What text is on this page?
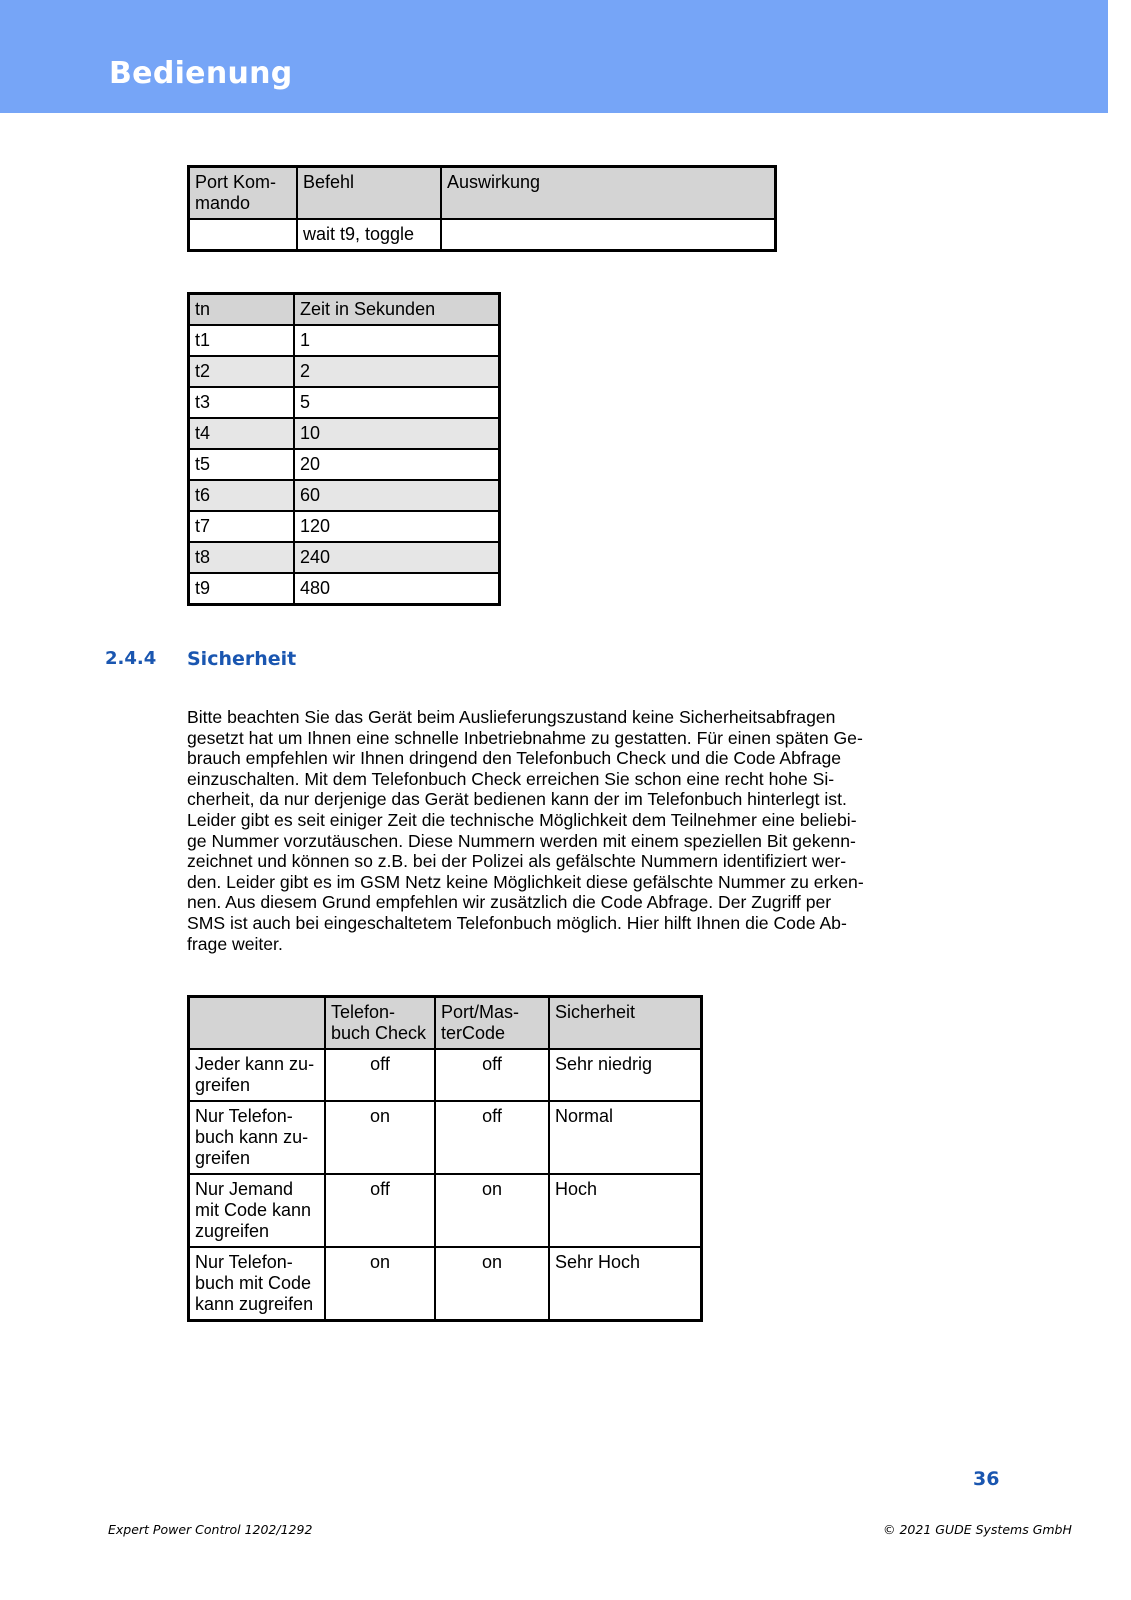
Bedienung
Port Kom-
mando	Befehl	Auswirkung
	wait t9, toggle	
tn	Zeit in Sekunden
t1	1
t2	2
t3	5
t4	10
t5	20
t6	60
t7	120
t8	240
t9	480
2.4.4 Sicherheit
Bitte beachten Sie das Gerät beim Auslieferungszustand keine Sicherheitsabfragen
gesetzt hat um Ihnen eine schnelle Inbetriebnahme zu gestatten. Für einen späten Ge-
brauch empfehlen wir Ihnen dringend den Telefonbuch Check und die Code Abfrage
einzuschalten. Mit dem Telefonbuch Check erreichen Sie schon eine recht hohe Si-
cherheit, da nur derjenige das Gerät bedienen kann der im Telefonbuch hinterlegt ist.
Leider gibt es seit einiger Zeit die technische Möglichkeit dem Teilnehmer eine beliebi-
ge Nummer vorzutäuschen. Diese Nummern werden mit einem speziellen Bit gekenn-
zeichnet und können so z.B. bei der Polizei als gefälschte Nummern identifiziert wer-
den. Leider gibt es im GSM Netz keine Möglichkeit diese gefälschte Nummer zu erken-
nen. Aus diesem Grund empfehlen wir zusätzlich die Code Abfrage. Der Zugriff per
SMS ist auch bei eingeschaltetem Telefonbuch möglich. Hier hilft Ihnen die Code Ab-
frage weiter.
	Telefon-
buch Check	Port/Mas-
terCode	Sicherheit
Jeder kann zu-
greifen	off	off	Sehr niedrig
Nur Telefon-
buch kann zu-
greifen	on	off	Normal
Nur Jemand
mit Code kann
zugreifen	off	on	Hoch
Nur Telefon-
buch mit Code
kann zugreifen	on	on	Sehr Hoch
36
Expert Power Control 1202/1292	© 2021 GUDE Systems GmbH
